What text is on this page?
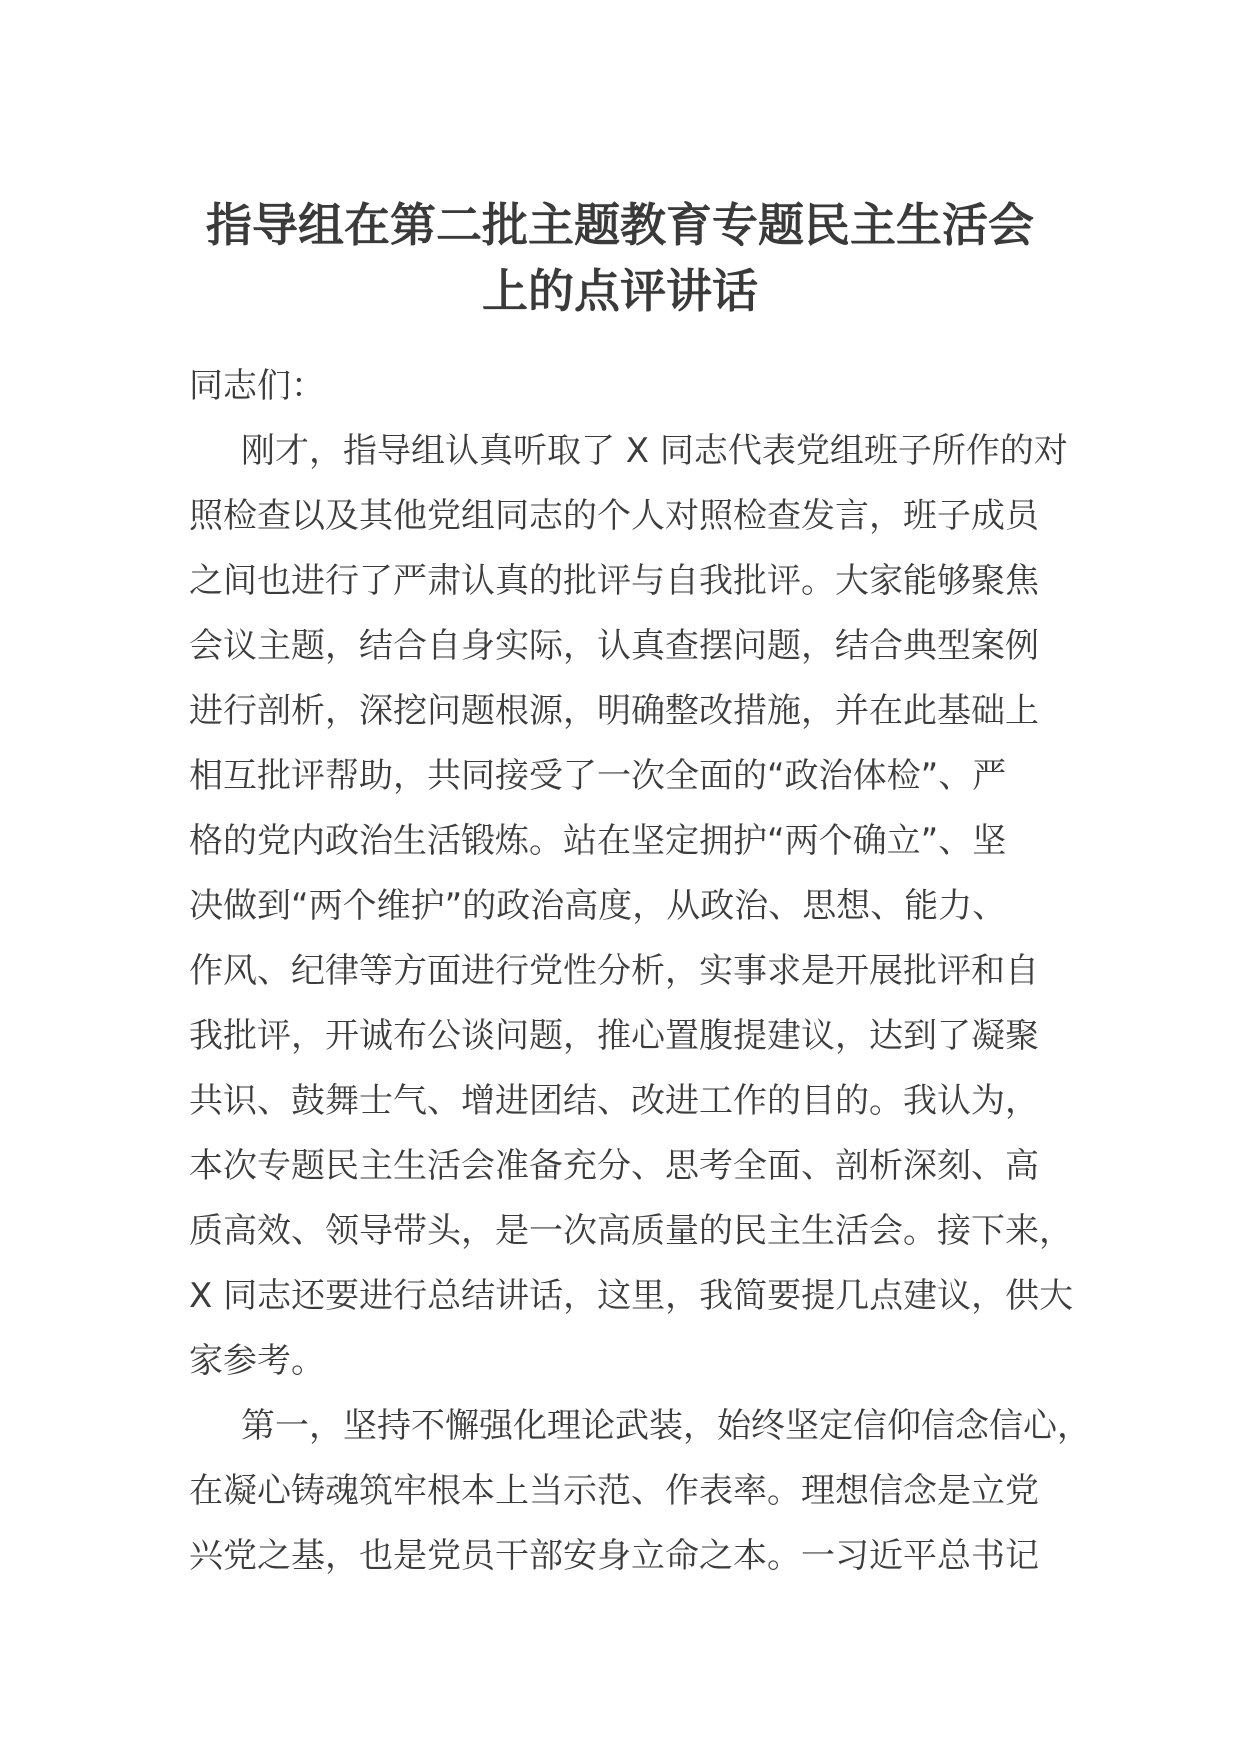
指导组在第二批主题教育专题民主生活会
上的点评讲话
同志们：
刚才，指导组认真听取了 X 同志代表党组班子所作的对
照检查以及其他党组同志的个人对照检查发言，班子成员
之间也进行了严肃认真的批评与自我批评。大家能够聚焦
会议主题，结合自身实际，认真查摆问题，结合典型案例
进行剖析，深挖问题根源，明确整改措施，并在此基础上
相互批评帮助，共同接受了一次全面的“政治体检”、严
格的党内政治生活锻炼。站在坚定拥护“两个确立”、坚
决做到“两个维护”的政治高度，从政治、思想、能力、
作风、纪律等方面进行党性分析，实事求是开展批评和自
我批评，开诚布公谈问题，推心置腹提建议，达到了凝聚
共识、鼓舞士气、增进团结、改进工作的目的。我认为，
本次专题民主生活会准备充分、思考全面、剖析深刻、高
质高效、领导带头，是一次高质量的民主生活会。接下来，
X 同志还要进行总结讲话，这里，我简要提几点建议，供大
家参考。
第一，坚持不懈强化理论武装，始终坚定信仰信念信心，
在凝心铸魂筑牢根本上当示范、作表率。理想信念是立党
兴党之基，也是党员干部安身立命之本。一习近平总书记
